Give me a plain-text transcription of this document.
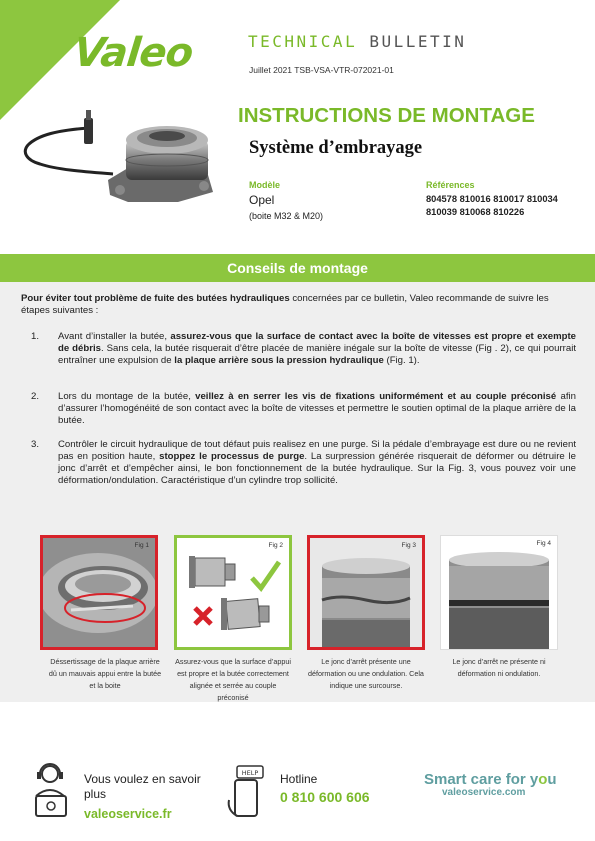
Valeo	TECHNICAL BULLETIN
Juillet 2021 TSB-VSA-VTR-072021-01
INSTRUCTIONS DE MONTAGE
Système d’embrayage
Modèle
Opel
(boite M32 & M20)
Références
804578 810016 810017 810034 810039 810068 810226
Conseils de montage
Pour éviter tout problème de fuite des butées hydrauliques concernées par ce bulletin, Valeo recommande de suivre les étapes suivantes :
1. Avant d’installer la butée, assurez-vous que la surface de contact avec la boîte de vitesses est propre et exempte de débris. Sans cela, la butée risquerait d’être placée de manière inégale sur la boîte de vitesse (Fig . 2), ce qui pourrait entraîner une expulsion de la plaque arrière sous la pression hydraulique (Fig. 1).
2. Lors du montage de la butée, veillez à en serrer les vis de fixations uniformément et au couple préconisé afin d’assurer l’homogénéité de son contact avec la boîte de vitesses et permettre le soutien optimal de la plaque arrière de la butée.
3. Contrôler le circuit hydraulique de tout défaut puis realisez en une purge. Si la pédale d’embrayage est dure ou ne revient pas en position haute, stoppez le processus de purge. La surpression générée risquerait de déformer ou détruire le jonc d’arrêt et d’empêcher ainsi, le bon fonctionnement de la butée hydraulique. Sur la Fig. 3, vous pouvez voir une déformation/ondulation. Caractéristique d’un cylindre trop sollicité.
Fig 1	Fig 2	Fig 3	Fig 4
Déssertissage de la plaque arrière dû un mauvais appui entre la butée et la boite
Assurez-vous que la surface d’appui est propre et la butée correctement alignée et serrée au couple préconisé
Le jonc d’arrêt présente une déformation ou une ondulation. Cela indique une surcourse.
Le jonc d’arrêt ne présente ni déformation ni ondulation.
Vous voulez en savoir plus
valeoservice.fr
HELP Hotline
0 810 600 606
Smart care for you
valeoservice.com
